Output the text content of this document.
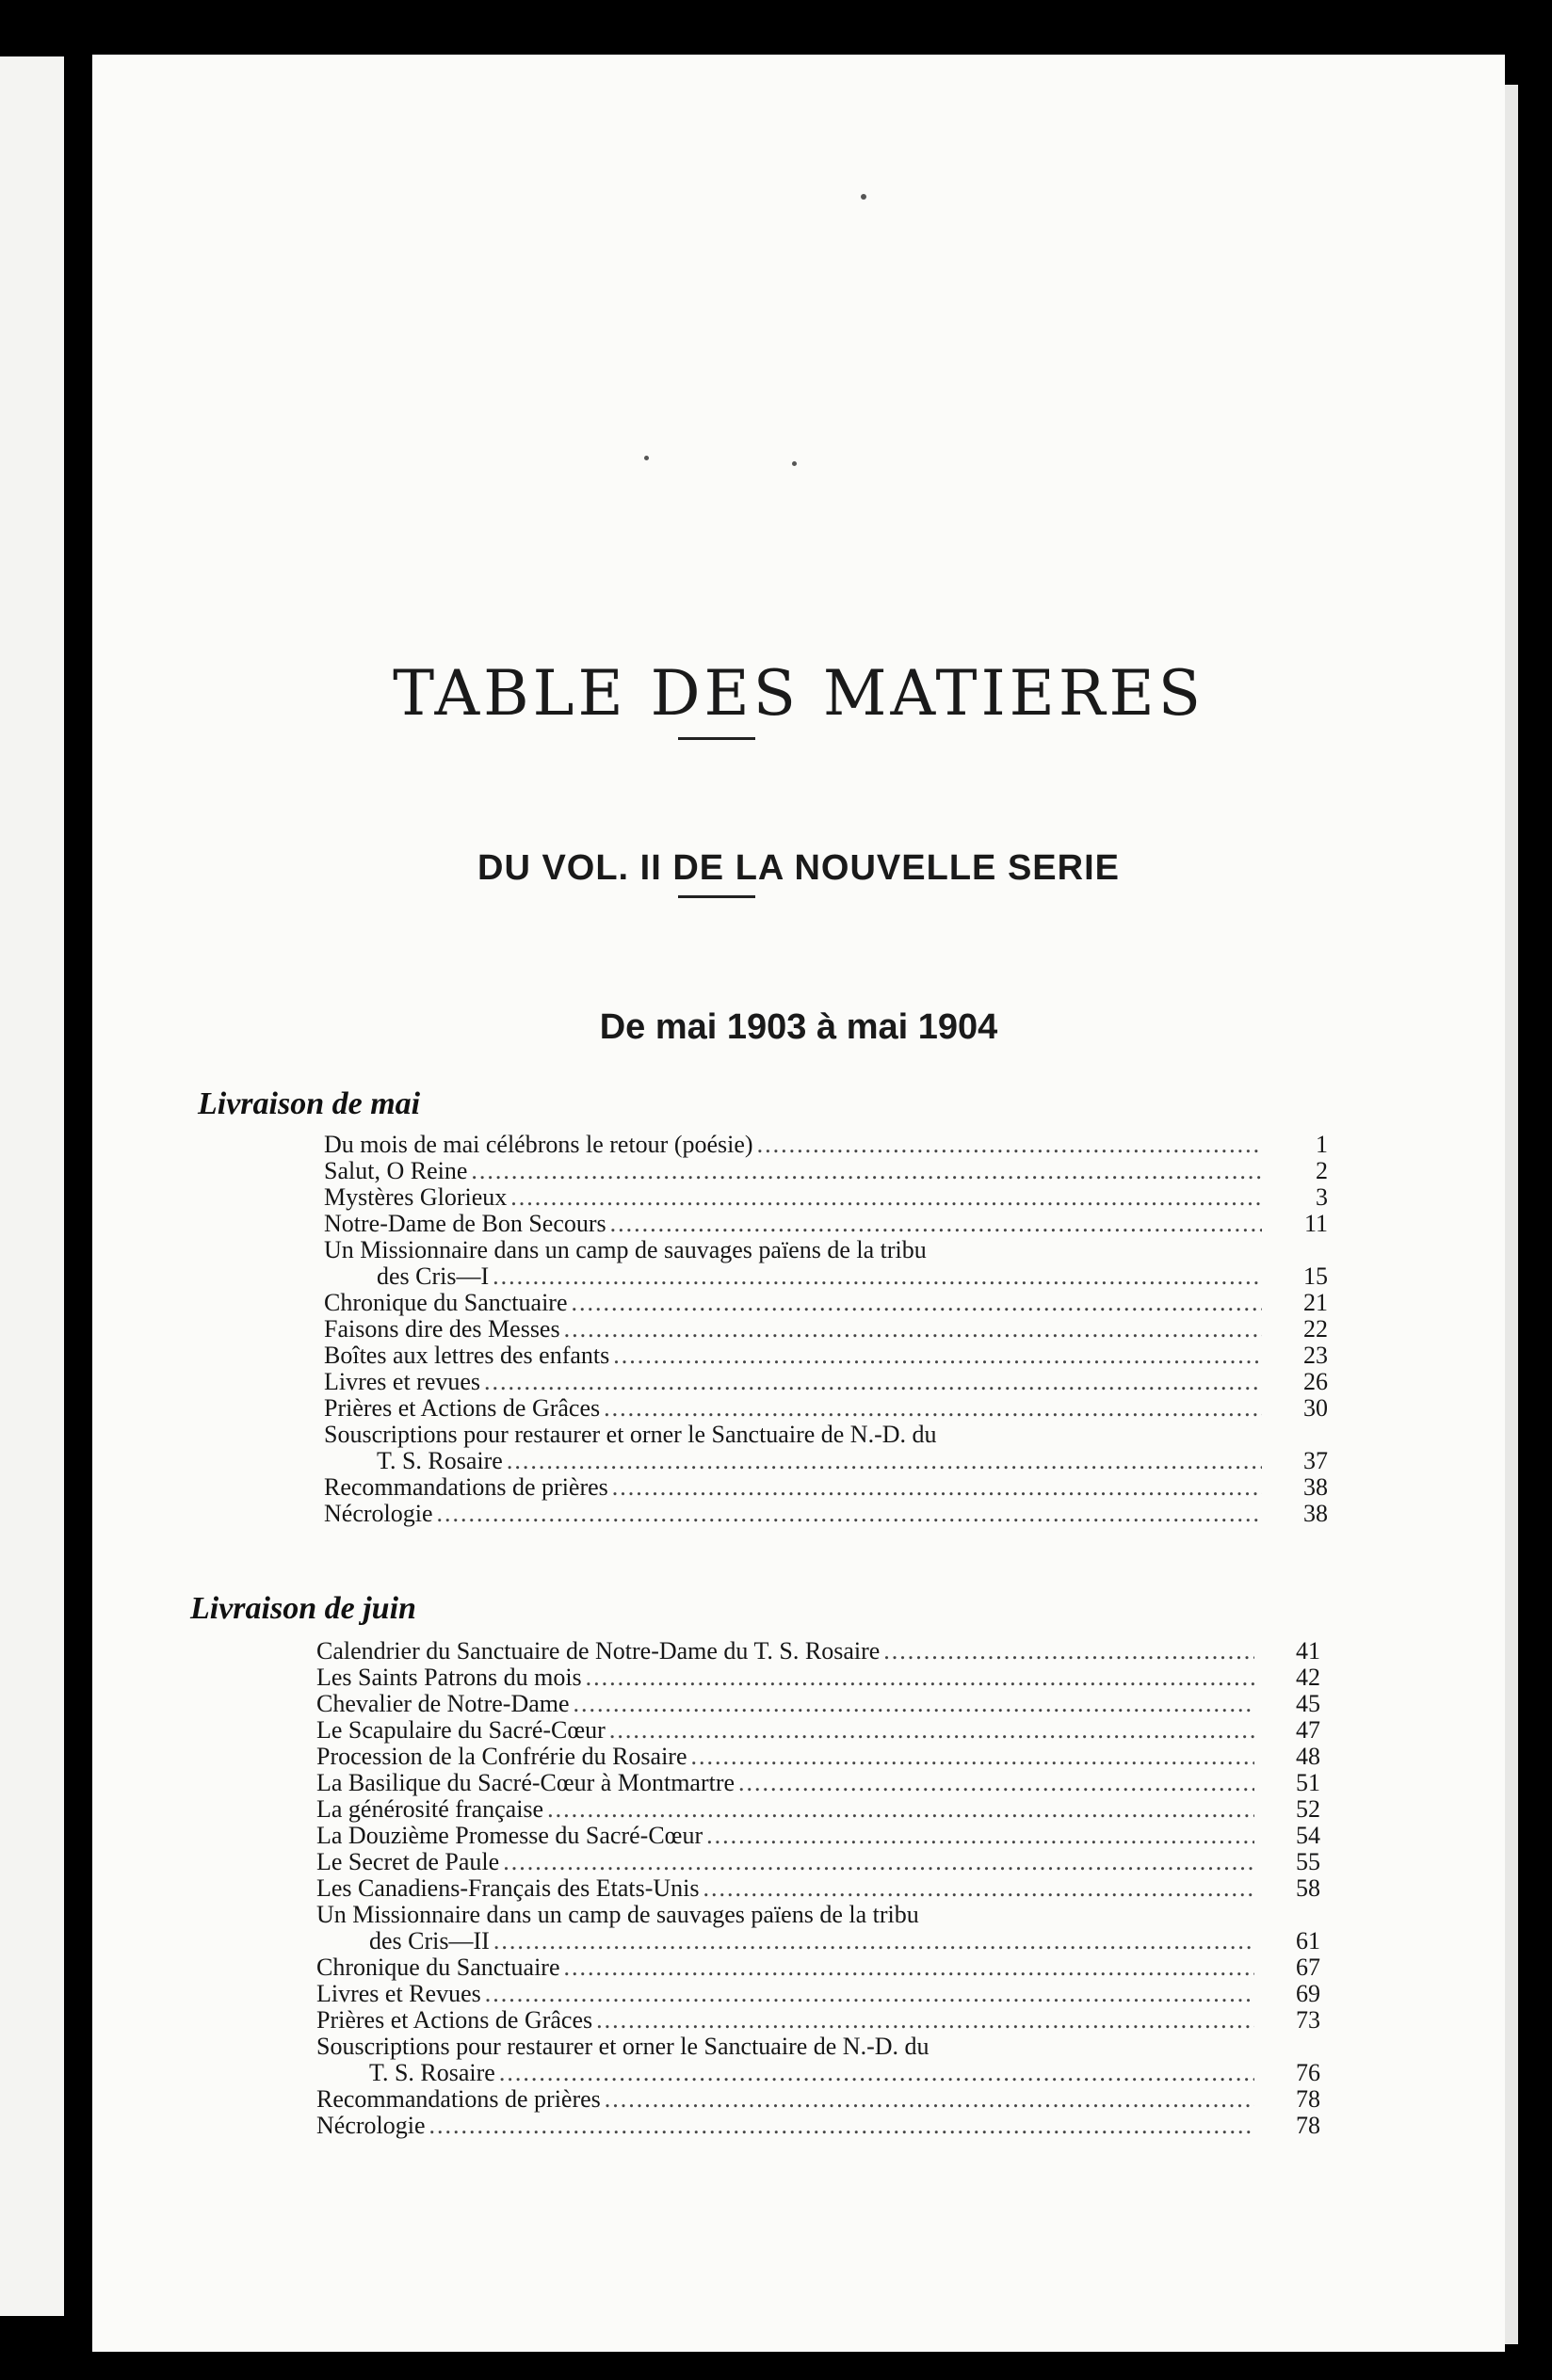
TABLE DES MATIERES
DU VOL. II DE LA NOUVELLE SERIE
De mai 1903 à mai 1904
Livraison de mai
Du mois de mai célébrons le retour (poésie) .....	1
Salut, O Reine .....	2
Mystères Glorieux .....	3
Notre-Dame de Bon Secours .....	11
Un Missionnaire dans un camp de sauvages païens de la tribu
des Cris—I .....	15
Chronique du Sanctuaire .....	21
Faisons dire des Messes .....	22
Boîtes aux lettres des enfants .....	23
Livres et revues .....	26
Prières et Actions de Grâces .....	30
Souscriptions pour restaurer et orner le Sanctuaire de N.-D. du
T. S. Rosaire .....	37
Recommandations de prières .....	38
Nécrologie .....	38
Livraison de juin
Calendrier du Sanctuaire de Notre-Dame du T. S. Rosaire .....	41
Les Saints Patrons du mois .....	42
Chevalier de Notre-Dame .....	45
Le Scapulaire du Sacré-Cœur .....	47
Procession de la Confrérie du Rosaire .....	48
La Basilique du Sacré-Cœur à Montmartre .....	51
La générosité française .....	52
La Douzième Promesse du Sacré-Cœur .....	54
Le Secret de Paule .....	55
Les Canadiens-Français des Etats-Unis .....	58
Un Missionnaire dans un camp de sauvages païens de la tribu
des Cris—II .....	61
Chronique du Sanctuaire .....	67
Livres et Revues .....	69
Prières et Actions de Grâces .....	73
Souscriptions pour restaurer et orner le Sanctuaire de N.-D. du
T. S. Rosaire .....	76
Recommandations de prières .....	78
Nécrologie .....	78
